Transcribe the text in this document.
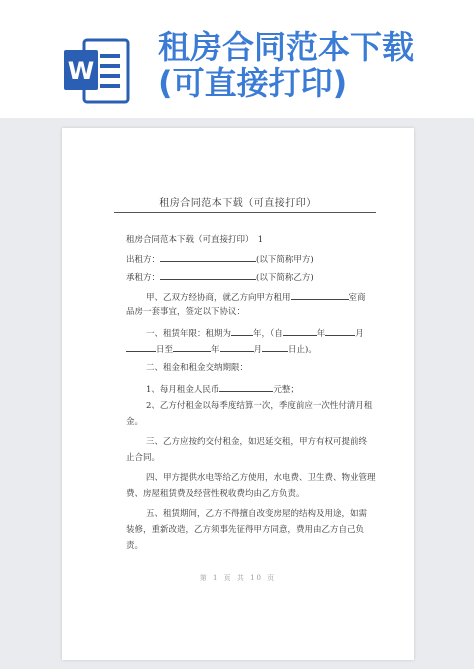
W
租房合同范本下载
(可直接打印)
租房合同范本下载（可直接打印）
租房合同范本下载（可直接打印）　1
出租方：	(以下简称甲方)
承租方：	(以下简称乙方)
甲、乙双方经协商，就乙方向甲方租用	室商
品房一套事宜，签定以下协议：
一、租赁年限：租期为	年，（自	年	月
日至	年	月	日止)。
二、租金和租金交纳期限：
1、每月租金人民币	元整；
2、乙方付租金以每季度结算一次，季度前应一次性付清月租
金。
三、乙方应按约交付租金，如迟延交租，甲方有权可提前终
止合同。
四、甲方提供水电等给乙方使用，水电费、卫生费、物业管理
费、房屋租赁费及经营性税收费均由乙方负责。
五、租赁期间，乙方不得擅自改变房屋的结构及用途，如需
装修，重新改造，乙方须事先征得甲方同意，费用由乙方自己负
责。
第 1 页 共 10 页
